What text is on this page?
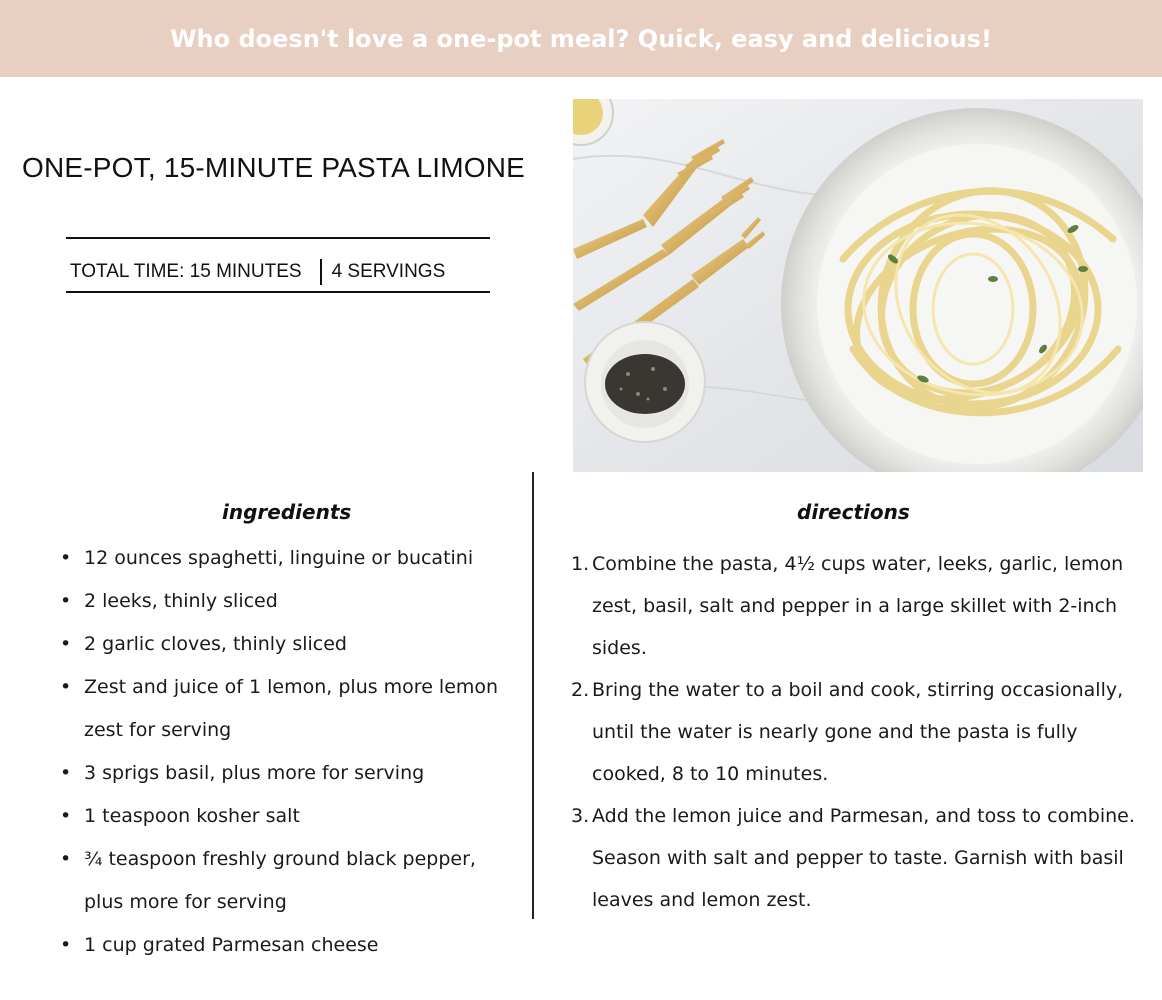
Who doesn't love a one-pot meal? Quick, easy and delicious!
ONE-POT, 15-MINUTE PASTA LIMONE
TOTAL TIME: 15 MINUTES 4 SERVINGS
ingredients
• 12 ounces spaghetti, linguine or bucatini
• 2 leeks, thinly sliced
• 2 garlic cloves, thinly sliced
• Zest and juice of 1 lemon, plus more lemon zest for serving
• 3 sprigs basil, plus more for serving
• 1 teaspoon kosher salt
• ¾ teaspoon freshly ground black pepper, plus more for serving
• 1 cup grated Parmesan cheese
directions
1. Combine the pasta, 4½ cups water, leeks, garlic, lemon zest, basil, salt and pepper in a large skillet with 2-inch sides.
2. Bring the water to a boil and cook, stirring occasionally, until the water is nearly gone and the pasta is fully cooked, 8 to 10 minutes.
3. Add the lemon juice and Parmesan, and toss to combine. Season with salt and pepper to taste. Garnish with basil leaves and lemon zest.
